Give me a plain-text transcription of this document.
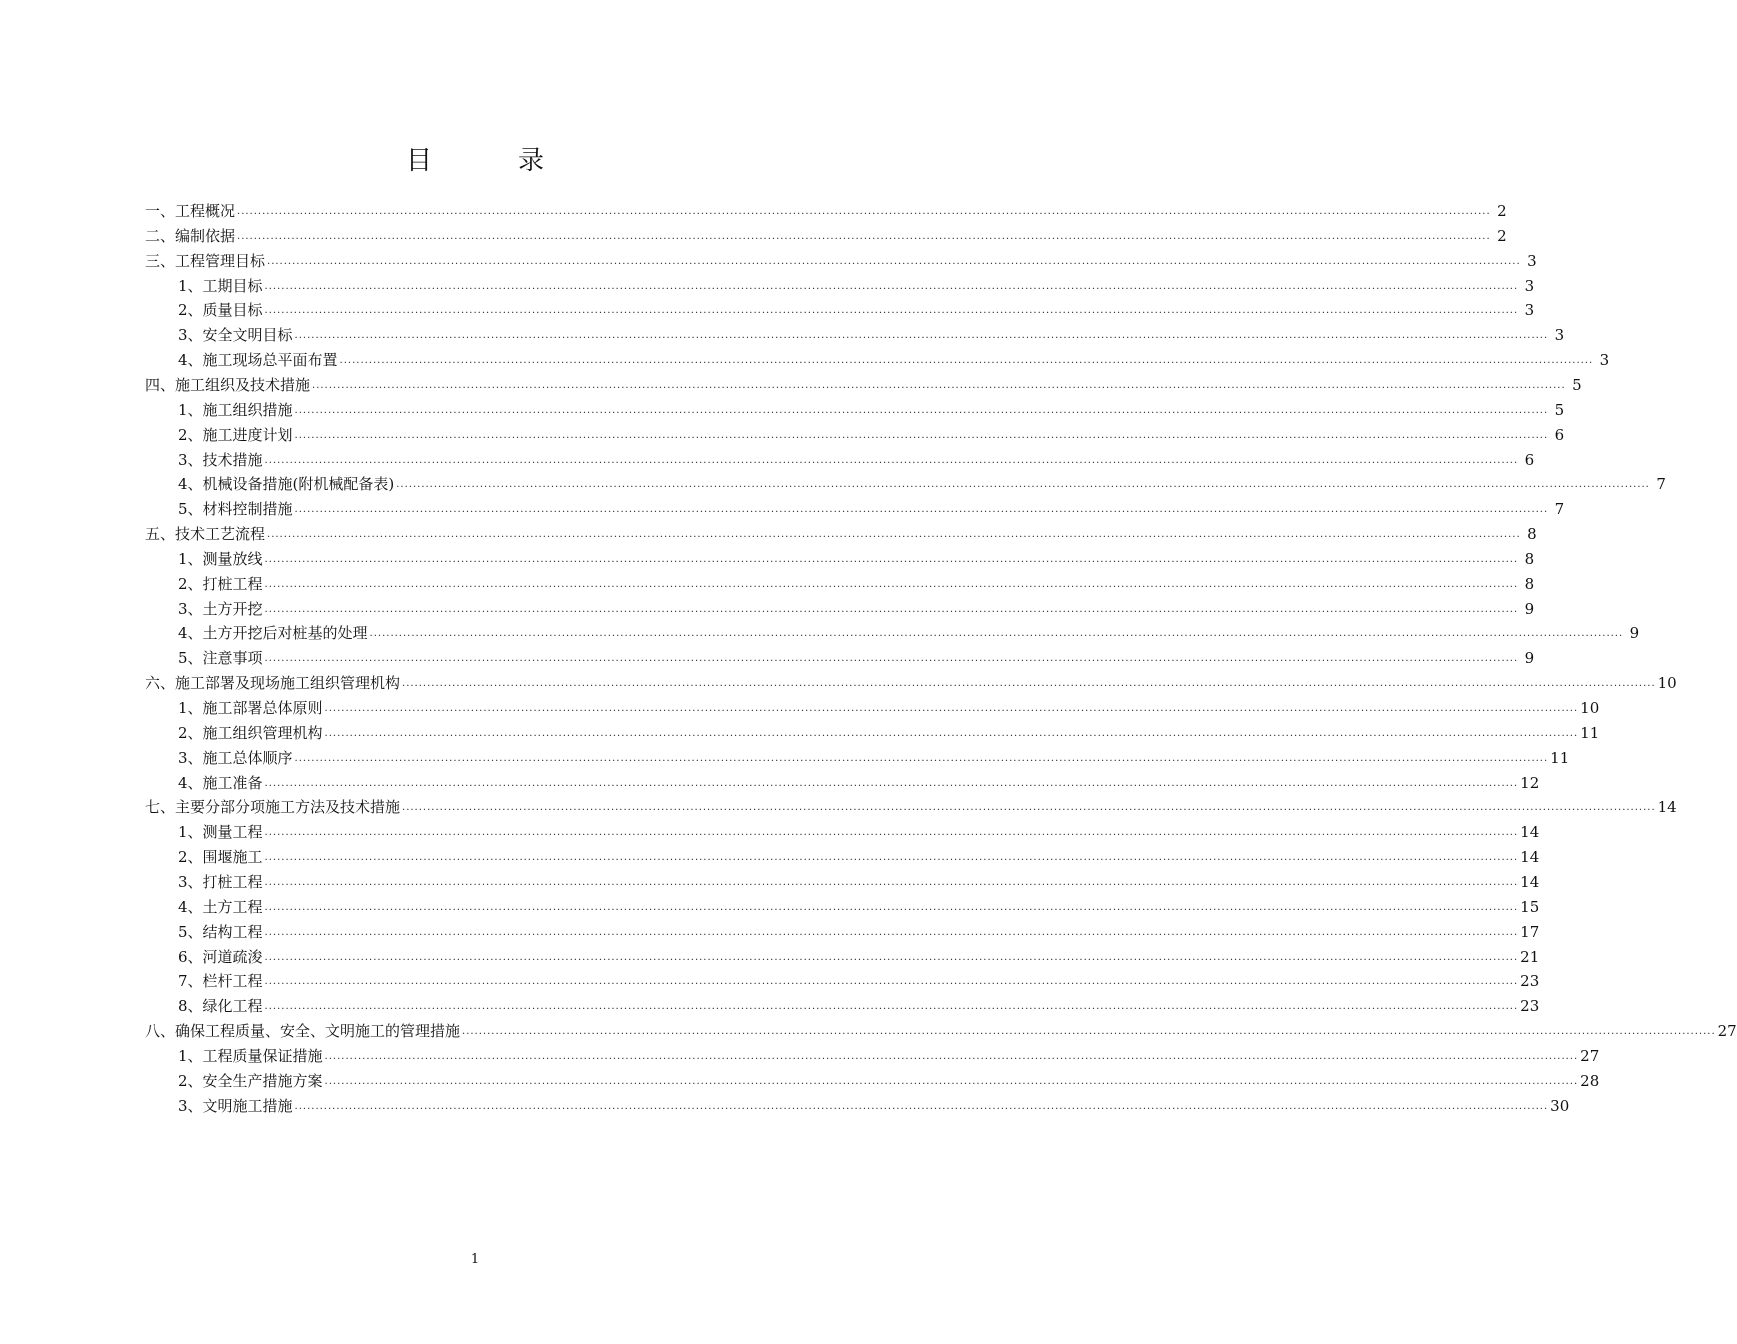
目　录
一、工程概况 ............................................................................................................................................................................................................................................................................................................ 2
二、编制依据 ............................................................................................................................................................................................................................................................................................................ 2
三、工程管理目标 ............................................................................................................................................................................................................................................................................................................ 3
1、工期目标 ............................................................................................................................................................................................................................................................................................................ 3
2、质量目标 ............................................................................................................................................................................................................................................................................................................ 3
3、安全文明目标 ............................................................................................................................................................................................................................................................................................................ 3
4、施工现场总平面布置 ............................................................................................................................................................................................................................................................................................................ 3
四、施工组织及技术措施 ............................................................................................................................................................................................................................................................................................................ 5
1、施工组织措施 ............................................................................................................................................................................................................................................................................................................ 5
2、施工进度计划 ............................................................................................................................................................................................................................................................................................................ 6
3、技术措施 ............................................................................................................................................................................................................................................................................................................ 6
4、机械设备措施(附机械配备表) ............................................................................................................................................................................................................................................................................................................ 7
5、材料控制措施 ............................................................................................................................................................................................................................................................................................................ 7
五、技术工艺流程 ............................................................................................................................................................................................................................................................................................................ 8
1、测量放线 ............................................................................................................................................................................................................................................................................................................ 8
2、打桩工程 ............................................................................................................................................................................................................................................................................................................ 8
3、土方开挖 ............................................................................................................................................................................................................................................................................................................ 9
4、土方开挖后对桩基的处理 ............................................................................................................................................................................................................................................................................................................ 9
5、注意事项 ............................................................................................................................................................................................................................................................................................................ 9
六、施工部署及现场施工组织管理机构 ............................................................................................................................................................................................................................................................................................................ 10
1、施工部署总体原则 ............................................................................................................................................................................................................................................................................................................ 10
2、施工组织管理机构 ............................................................................................................................................................................................................................................................................................................ 11
3、施工总体顺序 ............................................................................................................................................................................................................................................................................................................ 11
4、施工准备 ............................................................................................................................................................................................................................................................................................................ 12
七、主要分部分项施工方法及技术措施 ............................................................................................................................................................................................................................................................................................................ 14
1、测量工程 ............................................................................................................................................................................................................................................................................................................ 14
2、围堰施工 ............................................................................................................................................................................................................................................................................................................ 14
3、打桩工程 ............................................................................................................................................................................................................................................................................................................ 14
4、土方工程 ............................................................................................................................................................................................................................................................................................................ 15
5、结构工程 ............................................................................................................................................................................................................................................................................................................ 17
6、河道疏浚 ............................................................................................................................................................................................................................................................................................................ 21
7、栏杆工程 ............................................................................................................................................................................................................................................................................................................ 23
8、绿化工程 ............................................................................................................................................................................................................................................................................................................ 23
八、确保工程质量、安全、文明施工的管理措施 ............................................................................................................................................................................................................................................................................................................ 27
1、工程质量保证措施 ............................................................................................................................................................................................................................................................................................................ 27
2、安全生产措施方案 ............................................................................................................................................................................................................................................................................................................ 28
3、文明施工措施 ............................................................................................................................................................................................................................................................................................................ 30
1
